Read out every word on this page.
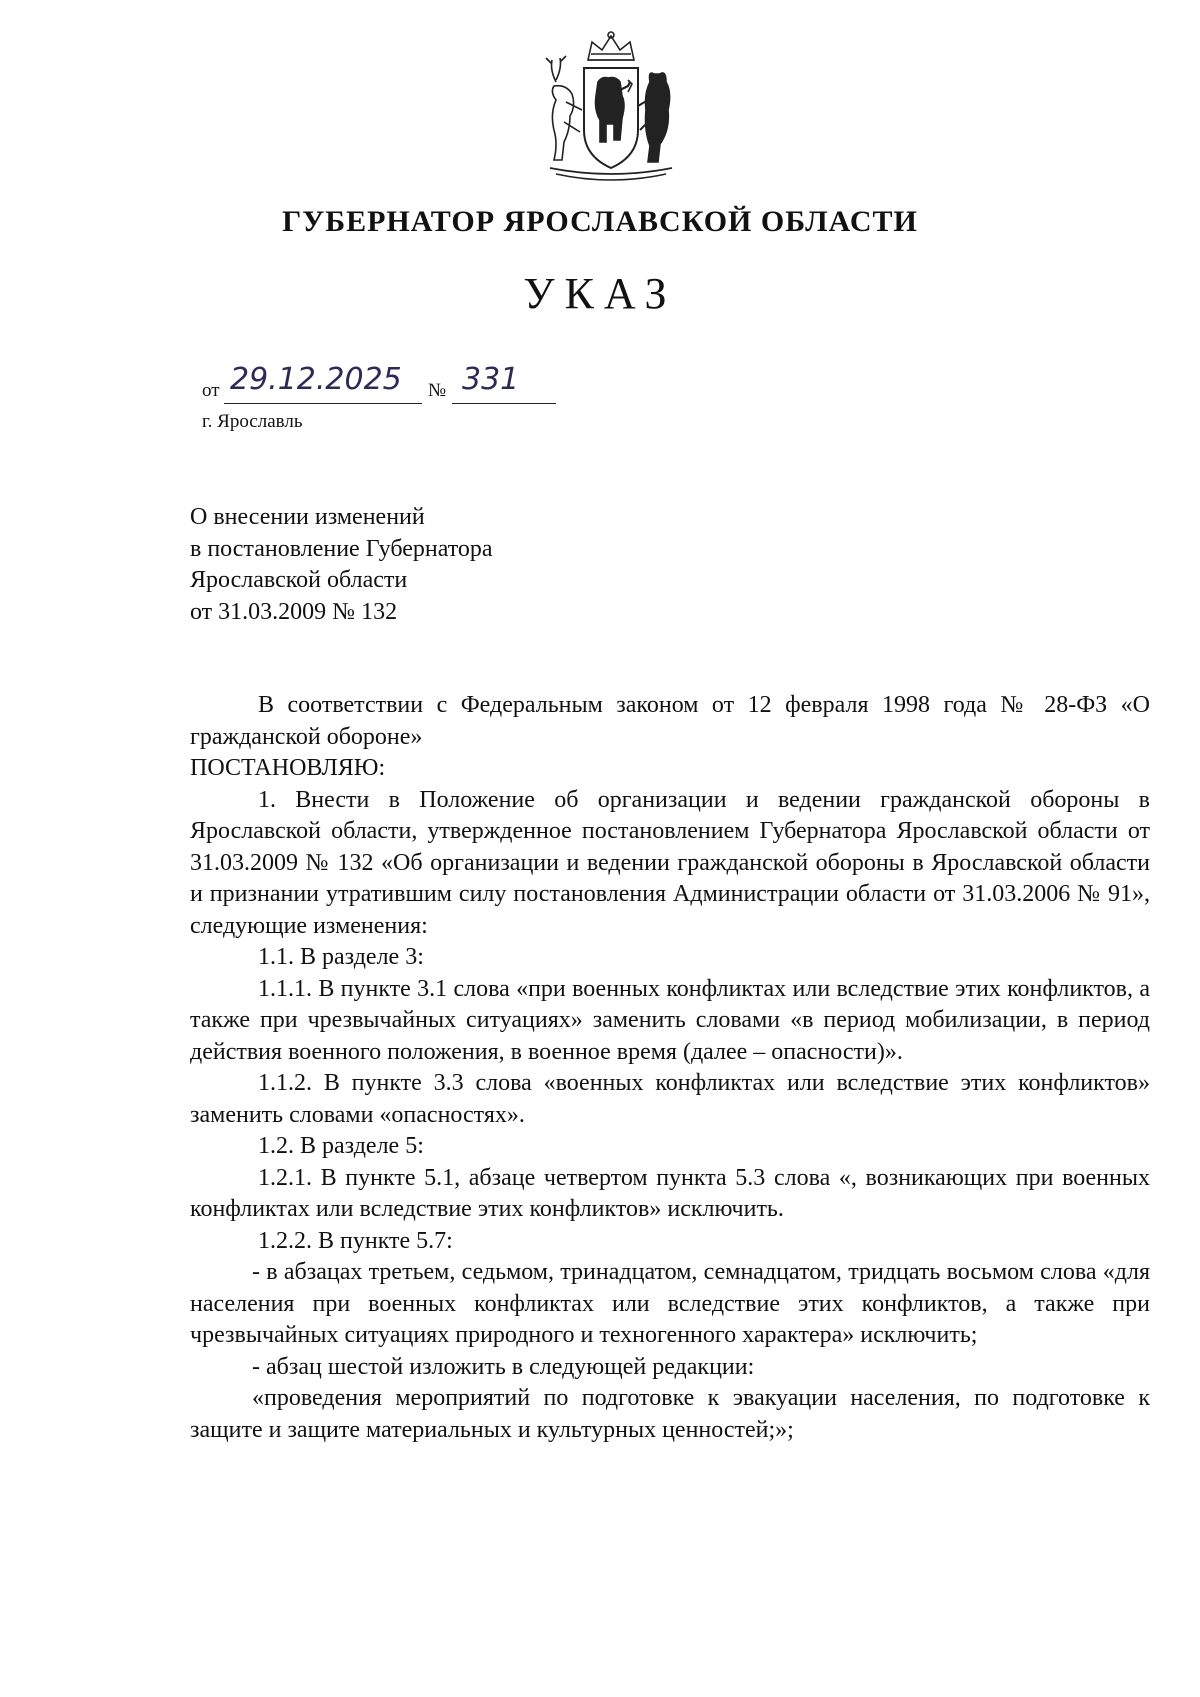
ГУБЕРНАТОР ЯРОСЛАВСКОЙ ОБЛАСТИ
УКАЗ
от 29.12.2025 № 331
г. Ярославль
О внесении изменений
в постановление Губернатора
Ярославской области
от 31.03.2009 № 132

В соответствии с Федеральным законом от 12 февраля 1998 года № 28-ФЗ «О гражданской обороне»

ПОСТАНОВЛЯЮ:

1. Внести в Положение об организации и ведении гражданской обороны в Ярославской области, утвержденное постановлением Губернатора Ярославской области от 31.03.2009 № 132 «Об организации и ведении гражданской обороны в Ярославской области и признании утратившим силу постановления Администрации области от 31.03.2006 № 91», следующие изменения:

1.1. В разделе 3:

1.1.1. В пункте 3.1 слова «при военных конфликтах или вследствие этих конфликтов, а также при чрезвычайных ситуациях» заменить словами «в период мобилизации, в период действия военного положения, в военное время (далее – опасности)».

1.1.2. В пункте 3.3 слова «военных конфликтах или вследствие этих конфликтов» заменить словами «опасностях».

1.2. В разделе 5:

1.2.1. В пункте 5.1, абзаце четвертом пункта 5.3 слова «, возникающих при военных конфликтах или вследствие этих конфликтов» исключить.

1.2.2. В пункте 5.7:

- в абзацах третьем, седьмом, тринадцатом, семнадцатом, тридцать восьмом слова «для населения при военных конфликтах или вследствие этих конфликтов, а также при чрезвычайных ситуациях природного и техногенного характера» исключить;

- абзац шестой изложить в следующей редакции:

«проведения мероприятий по подготовке к эвакуации населения, по подготовке к защите и защите материальных и культурных ценностей;»;
